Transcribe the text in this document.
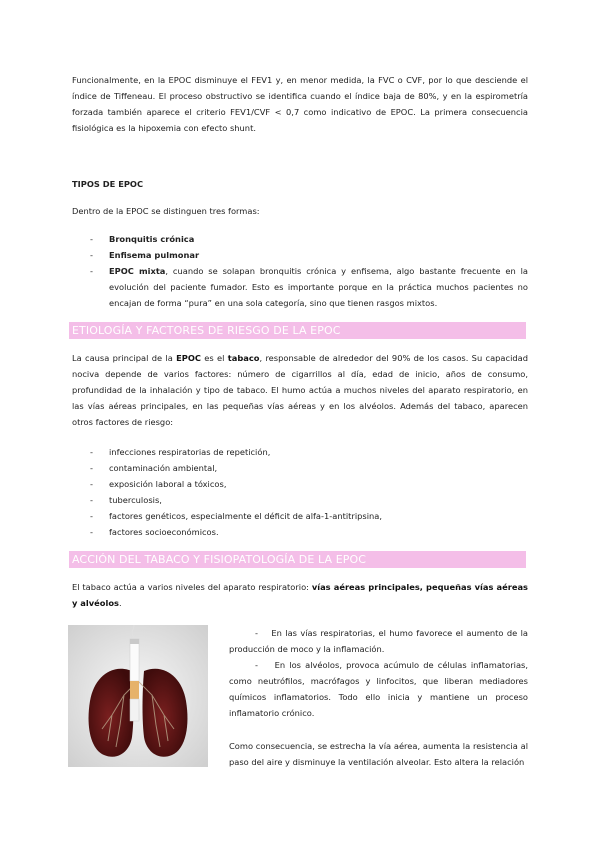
Funcionalmente, en la EPOC disminuye el FEV1 y, en menor medida, la FVC o CVF, por lo que desciende el índice de Tiffeneau. El proceso obstructivo se identifica cuando el índice baja de 80%, y en la espirometría forzada también aparece el criterio FEV1/CVF < 0,7 como indicativo de EPOC. La primera consecuencia fisiológica es la hipoxemia con efecto shunt.

TIPOS DE EPOC

Dentro de la EPOC se distinguen tres formas:

- Bronquitis crónica
- Enfisema pulmonar
- EPOC mixta, cuando se solapan bronquitis crónica y enfisema, algo bastante frecuente en la evolución del paciente fumador. Esto es importante porque en la práctica muchos pacientes no encajan de forma “pura” en una sola categoría, sino que tienen rasgos mixtos.
ETIOLOGÍA Y FACTORES DE RIESGO DE LA EPOC

La causa principal de la EPOC es el tabaco, responsable de alrededor del 90% de los casos. Su capacidad nociva depende de varios factores: número de cigarrillos al día, edad de inicio, años de consumo, profundidad de la inhalación y tipo de tabaco. El humo actúa a muchos niveles del aparato respiratorio, en las vías aéreas principales, en las pequeñas vías aéreas y en los alvéolos. Además del tabaco, aparecen otros factores de riesgo:

- infecciones respiratorias de repetición,
- contaminación ambiental,
- exposición laboral a tóxicos,
- tuberculosis,
- factores genéticos, especialmente el déficit de alfa-1-antitripsina,
- factores socioeconómicos.
ACCIÓN DEL TABACO Y FISIOPATOLOGÍA DE LA EPOC

El tabaco actúa a varios niveles del aparato respiratorio: vías aéreas principales, pequeñas vías aéreas y alvéolos.

- En las vías respiratorias, el humo favorece el aumento de la producción de moco y la inflamación.

- En los alvéolos, provoca acúmulo de células inflamatorias, como neutrófilos, macrófagos y linfocitos, que liberan mediadores químicos inflamatorios. Todo ello inicia y mantiene un proceso inflamatorio crónico.

Como consecuencia, se estrecha la vía aérea, aumenta la resistencia al paso del aire y disminuye la ventilación alveolar. Esto altera la relación
